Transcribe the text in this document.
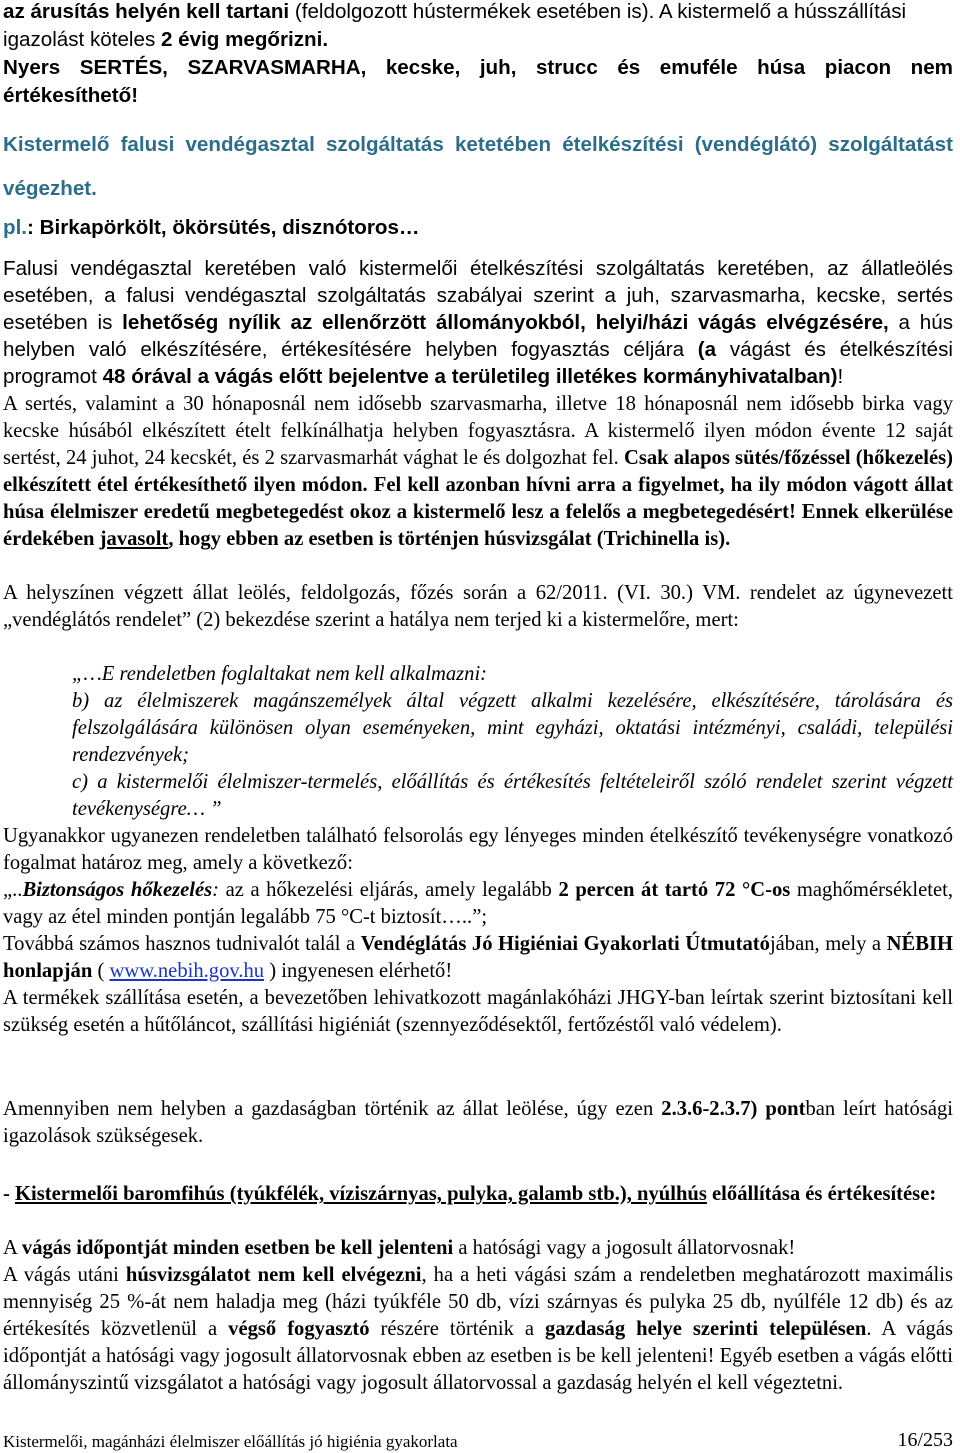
az árusítás helyén kell tartani (feldolgozott hústermékek esetében is). A kistermelő a hússzállítási
igazolást köteles 2 évig megőrizni.

Nyers SERTÉS, SZARVASMARHA, kecske, juh, strucc és emuféle húsa piacon nem
értékesíthető!

Kistermelő falusi vendégasztal szolgáltatás ketetében ételkészítési (vendéglátó) szolgáltatást
végezhet.

pl.: Birkapörkölt, ökörsütés, disznótoros…

Falusi vendégasztal keretében való kistermelői ételkészítési szolgáltatás keretében, az állatleölés esetében, a falusi vendégasztal szolgáltatás szabályai szerint a juh, szarvasmarha, kecske, sertés esetében is lehetőség nyílik az ellenőrzött állományokból, helyi/házi vágás elvégzésére, a hús helyben való elkészítésére, értékesítésére helyben fogyasztás céljára (a vágást és ételkészítési programot 48 órával a vágás előtt bejelentve a területileg illetékes kormányhivatalban)!

A sertés, valamint a 30 hónaposnál nem idősebb szarvasmarha, illetve 18 hónaposnál nem idősebb birka vagy kecske húsából elkészített ételt felkínálhatja helyben fogyasztásra. A kistermelő ilyen módon évente 12 saját sertést, 24 juhot, 24 kecskét, és 2 szarvasmarhát vághat le és dolgozhat fel. Csak alapos sütés/főzéssel (hőkezelés) elkészített étel értékesíthető ilyen módon. Fel kell azonban hívni arra a figyelmet, ha ily módon vágott állat húsa élelmiszer eredetű megbetegedést okoz a kistermelő lesz a felelős a megbetegedésért! Ennek elkerülése érdekében javasolt, hogy ebben az esetben is történjen húsvizsgálat (Trichinella is).

A helyszínen végzett állat leölés, feldolgozás, főzés során a 62/2011. (VI. 30.) VM. rendelet az úgynevezett „vendéglátós rendelet” (2) bekezdése szerint a hatálya nem terjed ki a kistermelőre, mert:

„…E rendeletben foglaltakat nem kell alkalmazni:

b) az élelmiszerek magánszemélyek által végzett alkalmi kezelésére, elkészítésére, tárolására és felszolgálására különösen olyan eseményeken, mint egyházi, oktatási intézményi, családi, települési rendezvények;

c) a kistermelői élelmiszer-termelés, előállítás és értékesítés feltételeiről szóló rendelet szerint végzett tevékenységre… ”

Ugyanakkor ugyanezen rendeletben található felsorolás egy lényeges minden ételkészítő tevékenységre vonatkozó fogalmat határoz meg, amely a következő:

„..Biztonságos hőkezelés: az a hőkezelési eljárás, amely legalább 2 percen át tartó 72 °C-os maghőmérsékletet, vagy az étel minden pontján legalább 75 °C-t biztosít…..”;

Továbbá számos hasznos tudnivalót talál a Vendéglátás Jó Higiéniai Gyakorlati Útmutatójában, mely a NÉBIH honlapján ( www.nebih.gov.hu ) ingyenesen elérhető!

A termékek szállítása esetén, a bevezetőben lehivatkozott magánlakóházi JHGY-ban leírtak szerint biztosítani kell szükség esetén a hűtőláncot, szállítási higiéniát (szennyeződésektől, fertőzéstől való védelem).

Amennyiben nem helyben a gazdaságban történik az állat leölése, úgy ezen 2.3.6-2.3.7) pontban leírt hatósági igazolások szükségesek.

- Kistermelői baromfihús (tyúkfélék, víziszárnyas, pulyka, galamb stb.), nyúlhús előállítása és értékesítése:

A vágás időpontját minden esetben be kell jelenteni a hatósági vagy a jogosult állatorvosnak!

A vágás utáni húsvizsgálatot nem kell elvégezni, ha a heti vágási szám a rendeletben meghatározott maximális mennyiség 25 %-át nem haladja meg (házi tyúkféle 50 db, vízi szárnyas és pulyka 25 db, nyúlféle 12 db) és az értékesítés közvetlenül a végső fogyasztó részére történik a gazdaság helye szerinti településen. A vágás időpontját a hatósági vagy jogosult állatorvosnak ebben az esetben is be kell jelenteni! Egyéb esetben a vágás előtti állományszintű vizsgálatot a hatósági vagy jogosult állatorvossal a gazdaság helyén el kell végeztetni.

Kistermelői, magánházi élelmiszer előállítás jó higiénia gyakorlata	16/253
